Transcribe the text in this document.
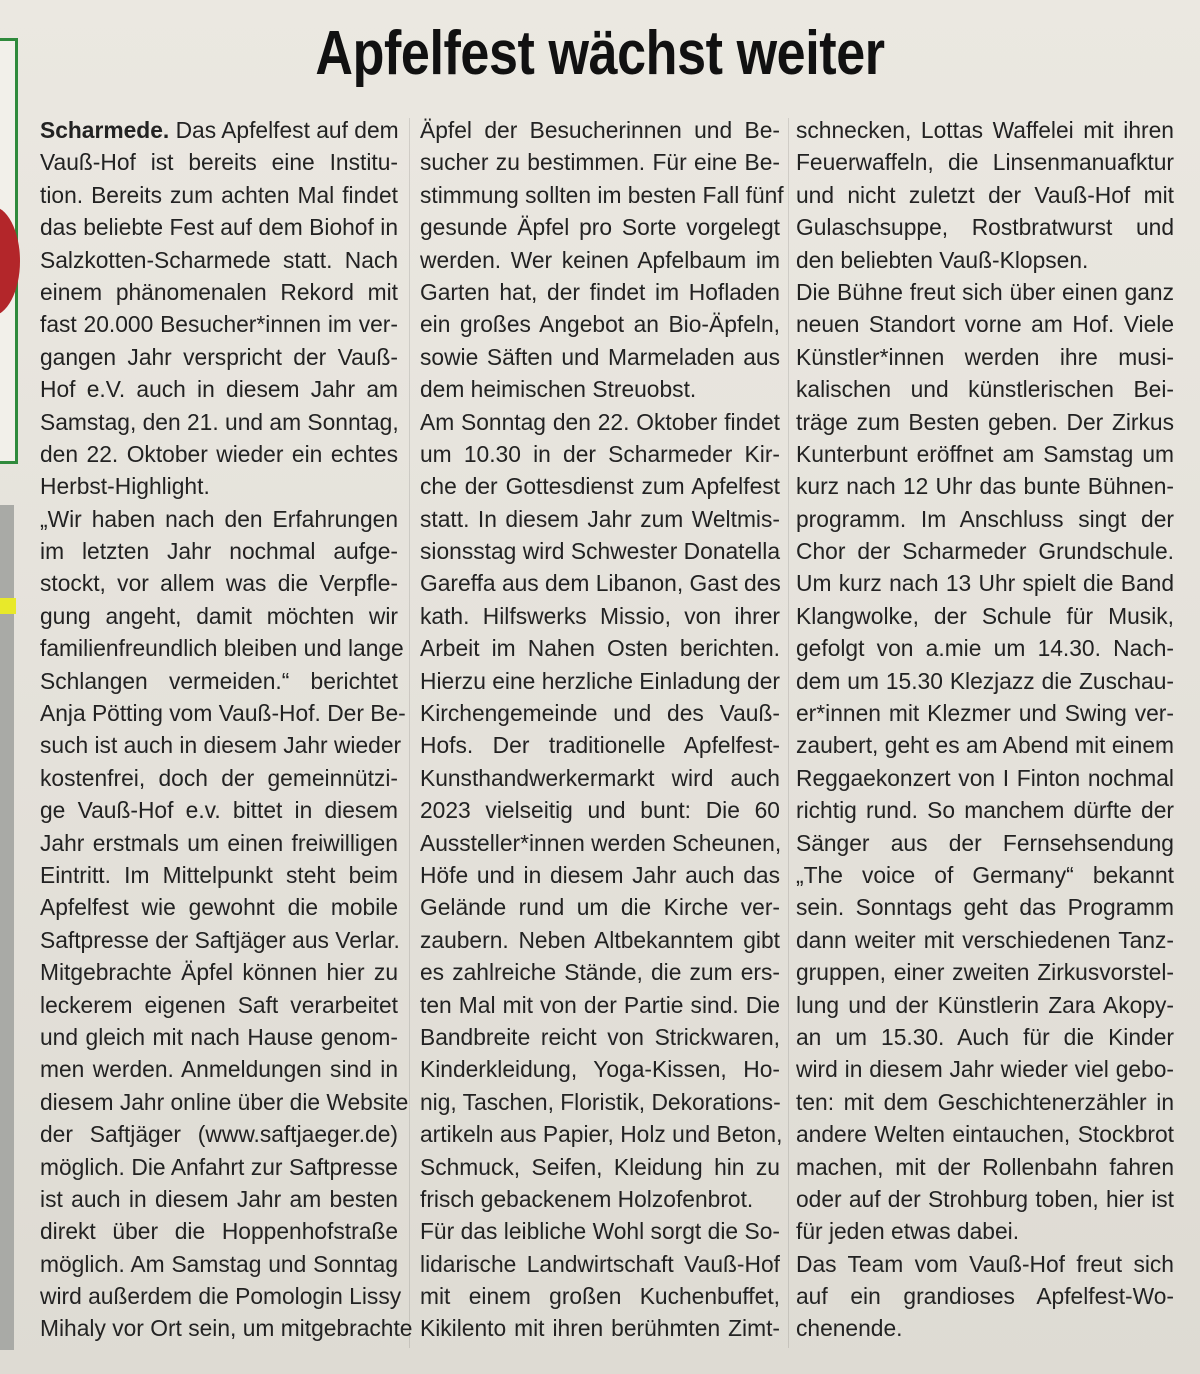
Apfelfest wächst weiter
Scharmede. Das Apfelfest auf dem
Vauß-Hof ist bereits eine Institu-
tion. Bereits zum achten Mal findet
das beliebte Fest auf dem Biohof in
Salzkotten-Scharmede statt. Nach
einem phänomenalen Rekord mit
fast 20.000 Besucher*innen im ver-
gangen Jahr verspricht der Vauß-
Hof e.V. auch in diesem Jahr am
Samstag, den 21. und am Sonntag,
den 22. Oktober wieder ein echtes
Herbst-Highlight.
„Wir haben nach den Erfahrungen
im letzten Jahr nochmal aufge-
stockt, vor allem was die Verpfle-
gung angeht, damit möchten wir
familienfreundlich bleiben und lange
Schlangen vermeiden.“ berichtet
Anja Pötting vom Vauß-Hof. Der Be-
such ist auch in diesem Jahr wieder
kostenfrei, doch der gemeinnützi-
ge Vauß-Hof e.v. bittet in diesem
Jahr erstmals um einen freiwilligen
Eintritt. Im Mittelpunkt steht beim
Apfelfest wie gewohnt die mobile
Saftpresse der Saftjäger aus Verlar.
Mitgebrachte Äpfel können hier zu
leckerem eigenen Saft verarbeitet
und gleich mit nach Hause genom-
men werden. Anmeldungen sind in
diesem Jahr online über die Website
der Saftjäger (www.saftjaeger.de)
möglich. Die Anfahrt zur Saftpresse
ist auch in diesem Jahr am besten
direkt über die Hoppenhofstraße
möglich. Am Samstag und Sonntag
wird außerdem die Pomologin Lissy
Mihaly vor Ort sein, um mitgebrachte
Äpfel der Besucherinnen und Be-
sucher zu bestimmen. Für eine Be-
stimmung sollten im besten Fall fünf
gesunde Äpfel pro Sorte vorgelegt
werden. Wer keinen Apfelbaum im
Garten hat, der findet im Hofladen
ein großes Angebot an Bio-Äpfeln,
sowie Säften und Marmeladen aus
dem heimischen Streuobst.
Am Sonntag den 22. Oktober findet
um 10.30 in der Scharmeder Kir-
che der Gottesdienst zum Apfelfest
statt. In diesem Jahr zum Weltmis-
sionsstag wird Schwester Donatella
Gareffa aus dem Libanon, Gast des
kath. Hilfswerks Missio, von ihrer
Arbeit im Nahen Osten berichten.
Hierzu eine herzliche Einladung der
Kirchengemeinde und des Vauß-
Hofs. Der traditionelle Apfelfest-
Kunsthandwerkermarkt wird auch
2023 vielseitig und bunt: Die 60
Aussteller*innen werden Scheunen,
Höfe und in diesem Jahr auch das
Gelände rund um die Kirche ver-
zaubern. Neben Altbekanntem gibt
es zahlreiche Stände, die zum ers-
ten Mal mit von der Partie sind. Die
Bandbreite reicht von Strickwaren,
Kinderkleidung, Yoga-Kissen, Ho-
nig, Taschen, Floristik, Dekorations-
artikeln aus Papier, Holz und Beton,
Schmuck, Seifen, Kleidung hin zu
frisch gebackenem Holzofenbrot.
Für das leibliche Wohl sorgt die So-
lidarische Landwirtschaft Vauß-Hof
mit einem großen Kuchenbuffet,
Kikilento mit ihren berühmten Zimt-
schnecken, Lottas Waffelei mit ihren
Feuerwaffeln, die Linsenmanuafktur
und nicht zuletzt der Vauß-Hof mit
Gulaschsuppe, Rostbratwurst und
den beliebten Vauß-Klopsen.
Die Bühne freut sich über einen ganz
neuen Standort vorne am Hof. Viele
Künstler*innen werden ihre musi-
kalischen und künstlerischen Bei-
träge zum Besten geben. Der Zirkus
Kunterbunt eröffnet am Samstag um
kurz nach 12 Uhr das bunte Bühnen-
programm. Im Anschluss singt der
Chor der Scharmeder Grundschule.
Um kurz nach 13 Uhr spielt die Band
Klangwolke, der Schule für Musik,
gefolgt von a.mie um 14.30. Nach-
dem um 15.30 Klezjazz die Zuschau-
er*innen mit Klezmer und Swing ver-
zaubert, geht es am Abend mit einem
Reggaekonzert von I Finton nochmal
richtig rund. So manchem dürfte der
Sänger aus der Fernsehsendung
„The voice of Germany“ bekannt
sein. Sonntags geht das Programm
dann weiter mit verschiedenen Tanz-
gruppen, einer zweiten Zirkusvorstel-
lung und der Künstlerin Zara Akopy-
an um 15.30. Auch für die Kinder
wird in diesem Jahr wieder viel gebo-
ten: mit dem Geschichtenerzähler in
andere Welten eintauchen, Stockbrot
machen, mit der Rollenbahn fahren
oder auf der Strohburg toben, hier ist
für jeden etwas dabei.
Das Team vom Vauß-Hof freut sich
auf ein grandioses Apfelfest-Wo-
chenende.
